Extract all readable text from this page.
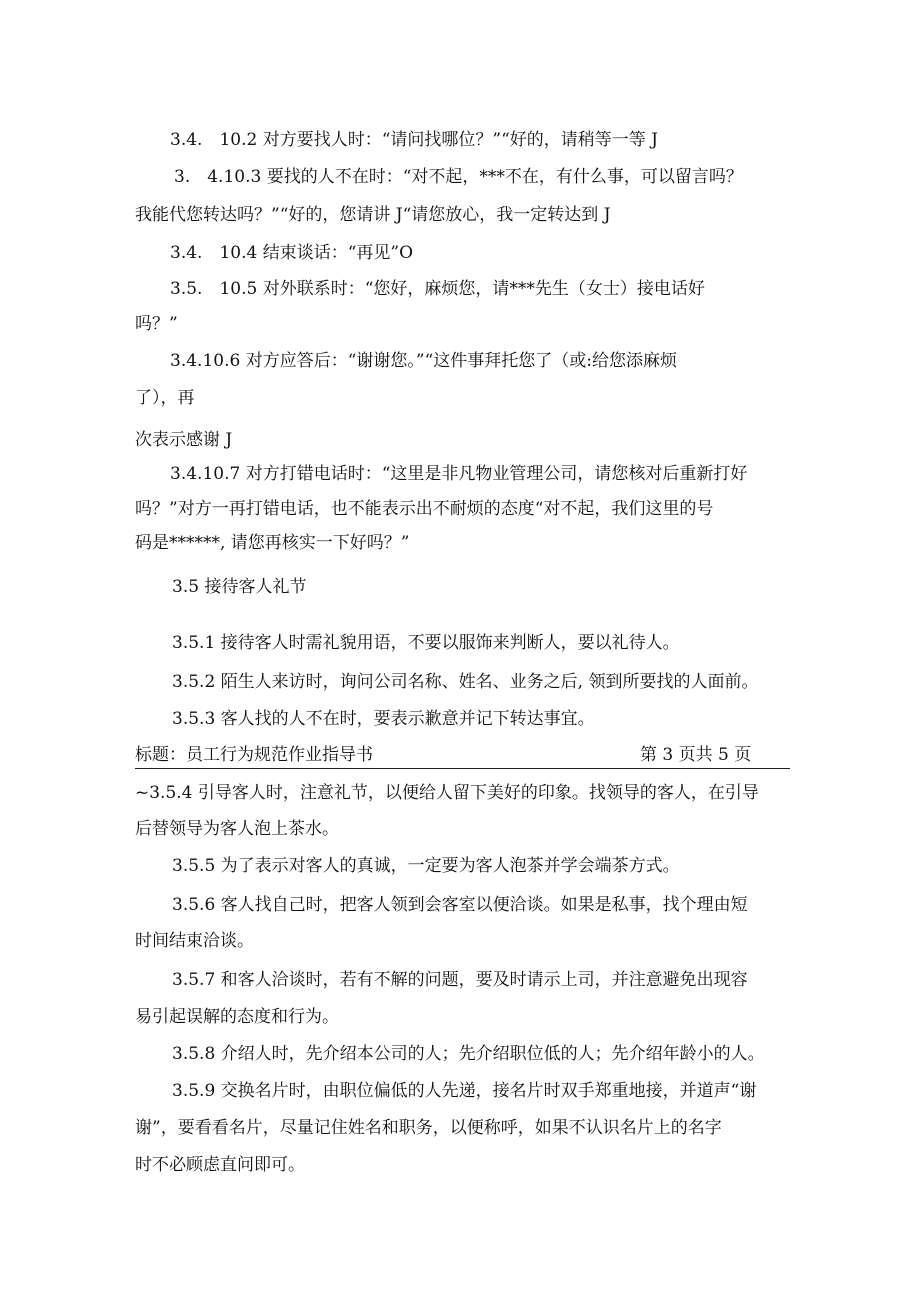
3.4.　10.2 对方要找人时：“请问找哪位？”“好的，请稍等一等 J
3.　4.10.3 要找的人不在时：“对不起，***不在，有什么事，可以留言吗？
我能代您转达吗？”“好的，您请讲 J“请您放心，我一定转达到 J
3.4.　10.4 结束谈话：“再见”O
3.5.　10.5 对外联系时：“您好，麻烦您，请***先生（女士）接电话好
吗？”
3.4.10.6 对方应答后：“谢谢您。”“这件事拜托您了（或:给您添麻烦
了），再
次表示感谢 J
3.4.10.7 对方打错电话时：“这里是非凡物业管理公司，请您核对后重新打好
吗？”对方一再打错电话，也不能表示出不耐烦的态度“对不起，我们这里的号
码是******, 请您再核实一下好吗？”
3.5 接待客人礼节
3.5.1 接待客人时需礼貌用语，不要以服饰来判断人，要以礼待人。
3.5.2 陌生人来访时，询问公司名称、姓名、业务之后, 领到所要找的人面前。
3.5.3 客人找的人不在时，要表示歉意并记下转达事宜。
标题：员工行为规范作业指导书	第 3 页共 5 页
~3.5.4 引导客人时，注意礼节，以便给人留下美好的印象。找领导的客人，在引导
后替领导为客人泡上茶水。
3.5.5 为了表示对客人的真诚，一定要为客人泡茶并学会端茶方式。
3.5.6 客人找自己时，把客人领到会客室以便洽谈。如果是私事，找个理由短
时间结束洽谈。
3.5.7 和客人洽谈时，若有不解的问题，要及时请示上司，并注意避免出现容
易引起误解的态度和行为。
3.5.8 介绍人时，先介绍本公司的人；先介绍职位低的人；先介绍年龄小的人。
3.5.9 交换名片时，由职位偏低的人先递，接名片时双手郑重地接，并道声“谢
谢”，要看看名片，尽量记住姓名和职务，以便称呼，如果不认识名片上的名字
时不必顾虑直问即可。
